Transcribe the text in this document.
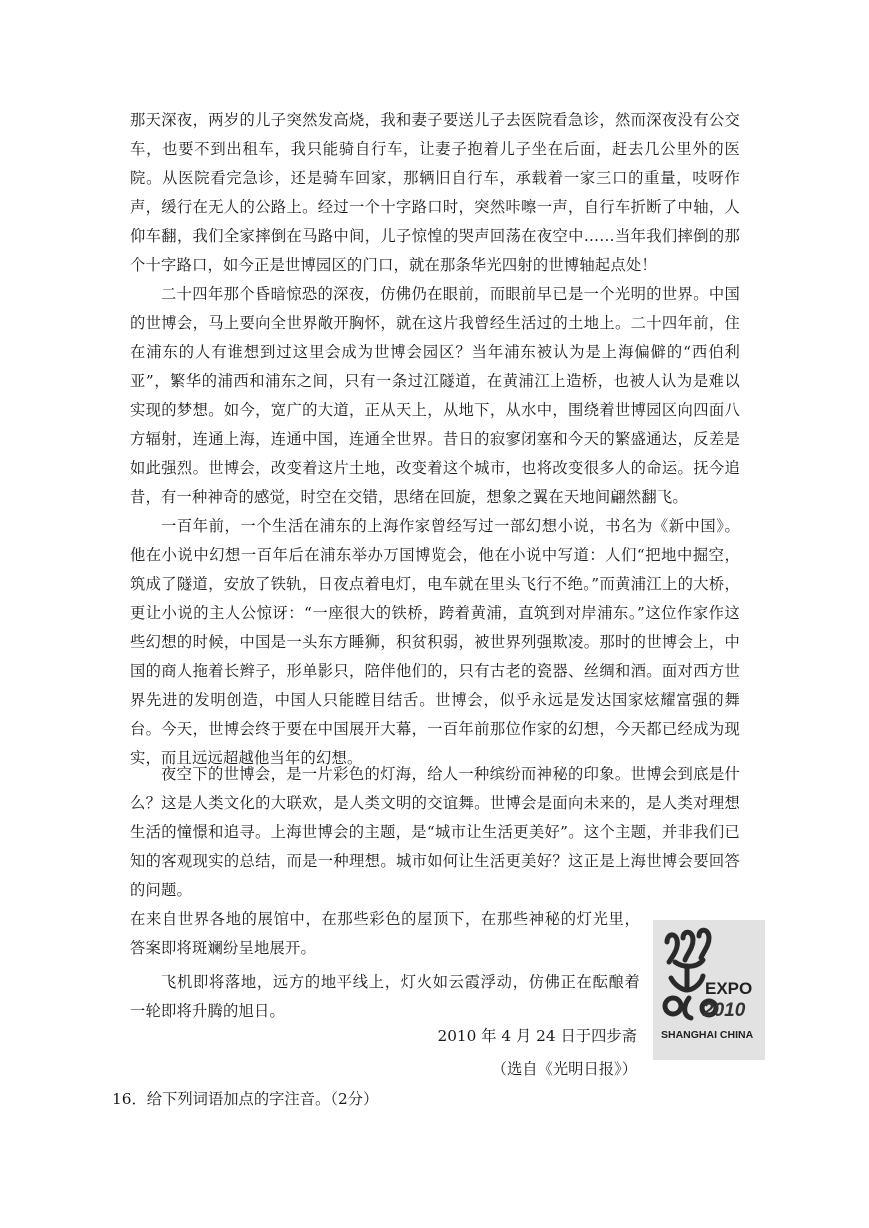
那天深夜，两岁的儿子突然发高烧，我和妻子要送儿子去医院看急诊，然而深夜没有公交车，也要不到出租车，我只能骑自行车，让妻子抱着儿子坐在后面，赶去几公里外的医院。从医院看完急诊，还是骑车回家，那辆旧自行车，承载着一家三口的重量，吱呀作声，缓行在无人的公路上。经过一个十字路口时，突然咔嚓一声，自行车折断了中轴，人仰车翻，我们全家摔倒在马路中间，儿子惊惶的哭声回荡在夜空中……当年我们摔倒的那个十字路口，如今正是世博园区的门口，就在那条华光四射的世博轴起点处！

二十四年那个昏暗惊恐的深夜，仿佛仍在眼前，而眼前早已是一个光明的世界。中国的世博会，马上要向全世界敞开胸怀，就在这片我曾经生活过的土地上。二十四年前，住在浦东的人有谁想到过这里会成为世博会园区？当年浦东被认为是上海偏僻的“西伯利亚”，繁华的浦西和浦东之间，只有一条过江隧道，在黄浦江上造桥，也被人认为是难以实现的梦想。如今，宽广的大道，正从天上，从地下，从水中，围绕着世博园区向四面八方辐射，连通上海，连通中国，连通全世界。昔日的寂寥闭塞和今天的繁盛通达，反差是如此强烈。世博会，改变着这片土地，改变着这个城市，也将改变很多人的命运。抚今追昔，有一种神奇的感觉，时空在交错，思绪在回旋，想象之翼在天地间翩然翻飞。

一百年前，一个生活在浦东的上海作家曾经写过一部幻想小说，书名为《新中国》。他在小说中幻想一百年后在浦东举办万国博览会，他在小说中写道：人们“把地中掘空，筑成了隧道，安放了铁轨，日夜点着电灯，电车就在里头飞行不绝。”而黄浦江上的大桥，更让小说的主人公惊讶：“一座很大的铁桥，跨着黄浦，直筑到对岸浦东。”这位作家作这些幻想的时候，中国是一头东方睡狮，积贫积弱，被世界列强欺凌。那时的世博会上，中国的商人拖着长辫子，形单影只，陪伴他们的，只有古老的瓷器、丝绸和酒。面对西方世界先进的发明创造，中国人只能瞠目结舌。世博会，似乎永远是发达国家炫耀富强的舞台。今天，世博会终于要在中国展开大幕，一百年前那位作家的幻想，今天都已经成为现实，而且远远超越他当年的幻想。

夜空下的世博会，是一片彩色的灯海，给人一种缤纷而神秘的印象。世博会到底是什么？这是人类文化的大联欢，是人类文明的交谊舞。世博会是面向未来的，是人类对理想生活的憧憬和追寻。上海世博会的主题，是“城市让生活更美好”。这个主题，并非我们已知的客观现实的总结，而是一种理想。城市如何让生活更美好？这正是上海世博会要回答的问题。

在来自世界各地的展馆中，在那些彩色的屋顶下，在那些神秘的灯光里，答案即将斑斓纷呈地展开。

飞机即将落地，远方的地平线上，灯火如云霞浮动，仿佛正在酝酿着一轮即将升腾的旭日。

2010 年 4 月 24 日于四步斋

（选自《光明日报》）

EXPO
2010
SHANGHAI CHINA

16．给下列词语加点的字注音。（2分）
